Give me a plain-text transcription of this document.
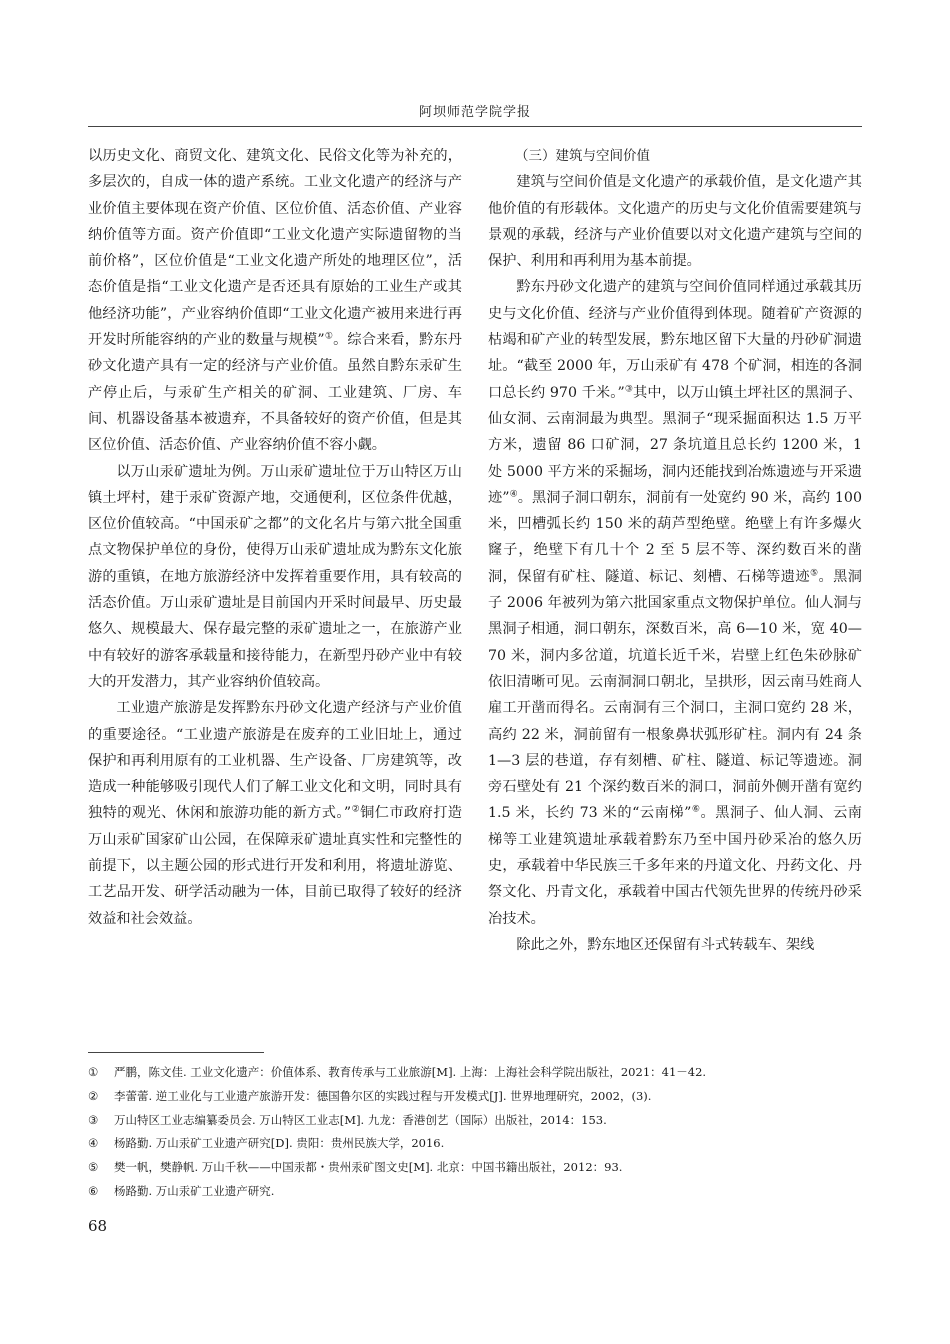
阿坝师范学院学报

以历史文化、商贸文化、建筑文化、民俗文化等为补充的，多层次的，自成一体的遗产系统。工业文化遗产的经济与产业价值主要体现在资产价值、区位价值、活态价值、产业容纳价值等方面。资产价值即“工业文化遗产实际遗留物的当前价格”，区位价值是“工业文化遗产所处的地理区位”，活态价值是指“工业文化遗产是否还具有原始的工业生产或其他经济功能”，产业容纳价值即“工业文化遗产被用来进行再开发时所能容纳的产业的数量与规模”①。综合来看，黔东丹砂文化遗产具有一定的经济与产业价值。虽然自黔东汞矿生产停止后，与汞矿生产相关的矿洞、工业建筑、厂房、车间、机器设备基本被遗弃，不具备较好的资产价值，但是其区位价值、活态价值、产业容纳价值不容小觑。

以万山汞矿遗址为例。万山汞矿遗址位于万山特区万山镇土坪村，建于汞矿资源产地，交通便利，区位条件优越，区位价值较高。“中国汞矿之都”的文化名片与第六批全国重点文物保护单位的身份，使得万山汞矿遗址成为黔东文化旅游的重镇，在地方旅游经济中发挥着重要作用，具有较高的活态价值。万山汞矿遗址是目前国内开采时间最早、历史最悠久、规模最大、保存最完整的汞矿遗址之一，在旅游产业中有较好的游客承载量和接待能力，在新型丹砂产业中有较大的开发潜力，其产业容纳价值较高。

工业遗产旅游是发挥黔东丹砂文化遗产经济与产业价值的重要途径。“工业遗产旅游是在废弃的工业旧址上，通过保护和再利用原有的工业机器、生产设备、厂房建筑等，改造成一种能够吸引现代人们了解工业文化和文明，同时具有独特的观光、休闲和旅游功能的新方式。”②铜仁市政府打造万山汞矿国家矿山公园，在保障汞矿遗址真实性和完整性的前提下，以主题公园的形式进行开发和利用，将遗址游览、工艺品开发、研学活动融为一体，目前已取得了较好的经济效益和社会效益。

（三）建筑与空间价值

建筑与空间价值是文化遗产的承载价值，是文化遗产其他价值的有形载体。文化遗产的历史与文化价值需要建筑与景观的承载，经济与产业价值要以对文化遗产建筑与空间的保护、利用和再利用为基本前提。

黔东丹砂文化遗产的建筑与空间价值同样通过承载其历史与文化价值、经济与产业价值得到体现。随着矿产资源的枯竭和矿产业的转型发展，黔东地区留下大量的丹砂矿洞遗址。“截至 2000 年，万山汞矿有 478 个矿洞，相连的各洞口总长约 970 千米。”③其中，以万山镇土坪社区的黑洞子、仙女洞、云南洞最为典型。黑洞子“现采掘面积达 1.5 万平方米，遗留 86 口矿洞，27 条坑道且总长约 1200 米，1 处 5000 平方米的采掘场，洞内还能找到冶炼遗迹与开采遗迹”④。黑洞子洞口朝东，洞前有一处宽约 90 米，高约 100 米，凹槽弧长约 150 米的葫芦型绝壁。绝壁上有许多爆火窿子，绝壁下有几十个 2 至 5 层不等、深约数百米的凿洞，保留有矿柱、隧道、标记、刻槽、石梯等遗迹⑤。黑洞子 2006 年被列为第六批国家重点文物保护单位。仙人洞与黑洞子相通，洞口朝东，深数百米，高 6—10 米，宽 40—70 米，洞内多岔道，坑道长近千米，岩壁上红色朱砂脉矿依旧清晰可见。云南洞洞口朝北，呈拱形，因云南马姓商人雇工开凿而得名。云南洞有三个洞口，主洞口宽约 28 米，高约 22 米，洞前留有一根象鼻状弧形矿柱。洞内有 24 条 1—3 层的巷道，存有刻槽、矿柱、隧道、标记等遗迹。洞旁石壁处有 21 个深约数百米的洞口，洞前外侧开凿有宽约 1.5 米，长约 73 米的“云南梯”⑥。黑洞子、仙人洞、云南梯等工业建筑遗址承载着黔东乃至中国丹砂采冶的悠久历史，承载着中华民族三千多年来的丹道文化、丹药文化、丹祭文化、丹青文化，承载着中国古代领先世界的传统丹砂采冶技术。

除此之外，黔东地区还保留有斗式转载车、架线

① 严鹏，陈文佳. 工业文化遗产：价值体系、教育传承与工业旅游[M]. 上海：上海社会科学院出版社，2021：41－42.
② 李蕾蕾. 逆工业化与工业遗产旅游开发：德国鲁尔区的实践过程与开发模式[J]. 世界地理研究，2002，(3).
③ 万山特区工业志编纂委员会. 万山特区工业志[M]. 九龙：香港创艺（国际）出版社，2014：153.
④ 杨路勤. 万山汞矿工业遗产研究[D]. 贵阳：贵州民族大学，2016.
⑤ 樊一帆，樊静帆. 万山千秋——中国汞都・贵州汞矿图文史[M]. 北京：中国书籍出版社，2012：93.
⑥ 杨路勤. 万山汞矿工业遗产研究.
68
